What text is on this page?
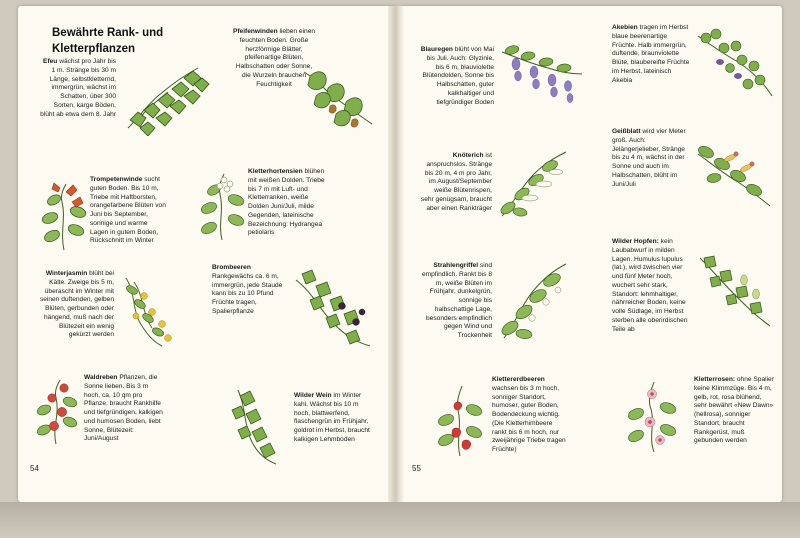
Bewährte Rank- und Kletterpflanzen
Efeu wächst pro Jahr bis 1 m. Stränge bis 30 m Länge, selbstkletternd, immergrün, wächst im Schatten, über 300 Sorten, karge Böden, blüht ab etwa dem 8. Jahr
Trompetenwinde sucht guten Boden. Bis 10 m, Triebe mit Haftborsten, orangefarbene Blüten von Juni bis September, sonnige und warme Lagen in gutem Boden, Rückschnitt im Winter
Winterjasmin blüht bei Kälte. Zweige bis 5 m, überascht im Winter mit seinen duftenden, gelben Blüten, gerbunden oder hängend, muß nach der Blütezeit ein wenig gekürzt werden
Waldreben Pflanzen, die Sonne lieben. Bis 3 m hoch, ca. 10 qm pro Pflanze, braucht Rankhilfe und tiefgründigen, kalkigen und humosen Boden, liebt Sonne, Blütezeit: Juni/August
Pfeifenwinden lieben einen feuchten Boden. Große herzförmige Blätter, pfeifenartige Blüten, Halbschatten oder Sonne, die Wurzeln brauchen Feuchtigkeit
Kletterhortensien blühen mit weißen Dolden. Triebe bis 7 m mit Luft- und Kletterranken, weiße Dolden Juni/Juli, milde Gegenden, lateinische Bezeichnung: Hydrangea petiolaris
Brombeeren Rankgewächs ca. 6 m, immergrün, jede Staude kann bis zu 10 Pfund Früchte tragen, Spalierpflanze
Wilder Wein im Winter kahl. Wächst bis 10 m hoch, blattwerfend, flaschengrün im Frühjahr, goldrot im Herbst, braucht kalkigen Lehmboden
54
Blauregen blüht von Mai bis Juli. Auch: Glyzinie, bis 6 m, blauviolette Blütendolden, Sonne bis Halbschatten, guter kalkhaltiger und tiefgründiger Boden
Akebien tragen im Herbst blaue beerenartige Früchte. Halb immergrün, duftende, braunviolette Blüte, blaubereifte Früchte im Herbst, lateinisch Akebia
Knöterich ist anspruchslos. Stränge bis 20 m, 4 m pro Jahr, im August/September weiße Blütenrispen, sehr genügsam, braucht aber einen Rankträger
Geißblatt wird vier Meter groß. Auch: Jelängerjelieber, Stränge bis zu 4 m, wächst in der Sonne und auch im Halbschatten, blüht im Juni/Juli
Strahlengriffel sind empfindlich. Rankt bis 8 m, weiße Blüten im Frühjahr, dunkelgrün, sonnige bis halbschattige Lage, besonders empfindlich gegen Wind und Trockenheit
Wilder Hopfen: kein Laubabwurf in milden Lagen. Humulus lupulus (lat.), wird zwischen vier und fünf Meter hoch, wuchert sehr stark, Standort: lehmhaltiger, nährreicher Boden, keine volle Südlage, im Herbst sterben alle oberirdischen Teile ab
Klettererdbeeren wachsen bis 3 m hoch, sonniger Standort, humoser, guter Boden, Bodendeckung wichtig. (Die Kletterhimbeere rankt bis 6 m hoch, nur zweijährige Triebe tragen Früchte)
Kletterrosen: ohne Spalier keine Klimmzüge. Bis 4 m, gelb, rot, rosa blühend, sehr bewährt «New Dawn» (hellrosa), sonniger Standort, braucht Rankgerüst, muß gebunden werden
55
